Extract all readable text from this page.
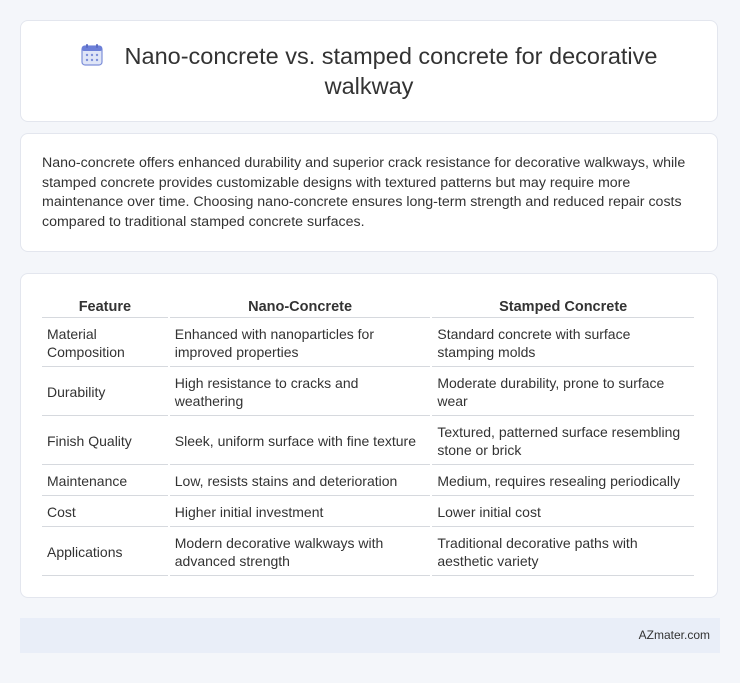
Nano-concrete vs. stamped concrete for decorative walkway

Nano-concrete offers enhanced durability and superior crack resistance for decorative walkways, while stamped concrete provides customizable designs with textured patterns but may require more maintenance over time. Choosing nano-concrete ensures long-term strength and reduced repair costs compared to traditional stamped concrete surfaces.

Feature	Nano-Concrete	Stamped Concrete
Material Composition	Enhanced with nanoparticles for improved properties	Standard concrete with surface stamping molds
Durability	High resistance to cracks and weathering	Moderate durability, prone to surface wear
Finish Quality	Sleek, uniform surface with fine texture	Textured, patterned surface resembling stone or brick
Maintenance	Low, resists stains and deterioration	Medium, requires resealing periodically
Cost	Higher initial investment	Lower initial cost
Applications	Modern decorative walkways with advanced strength	Traditional decorative paths with aesthetic variety
AZmater.com
